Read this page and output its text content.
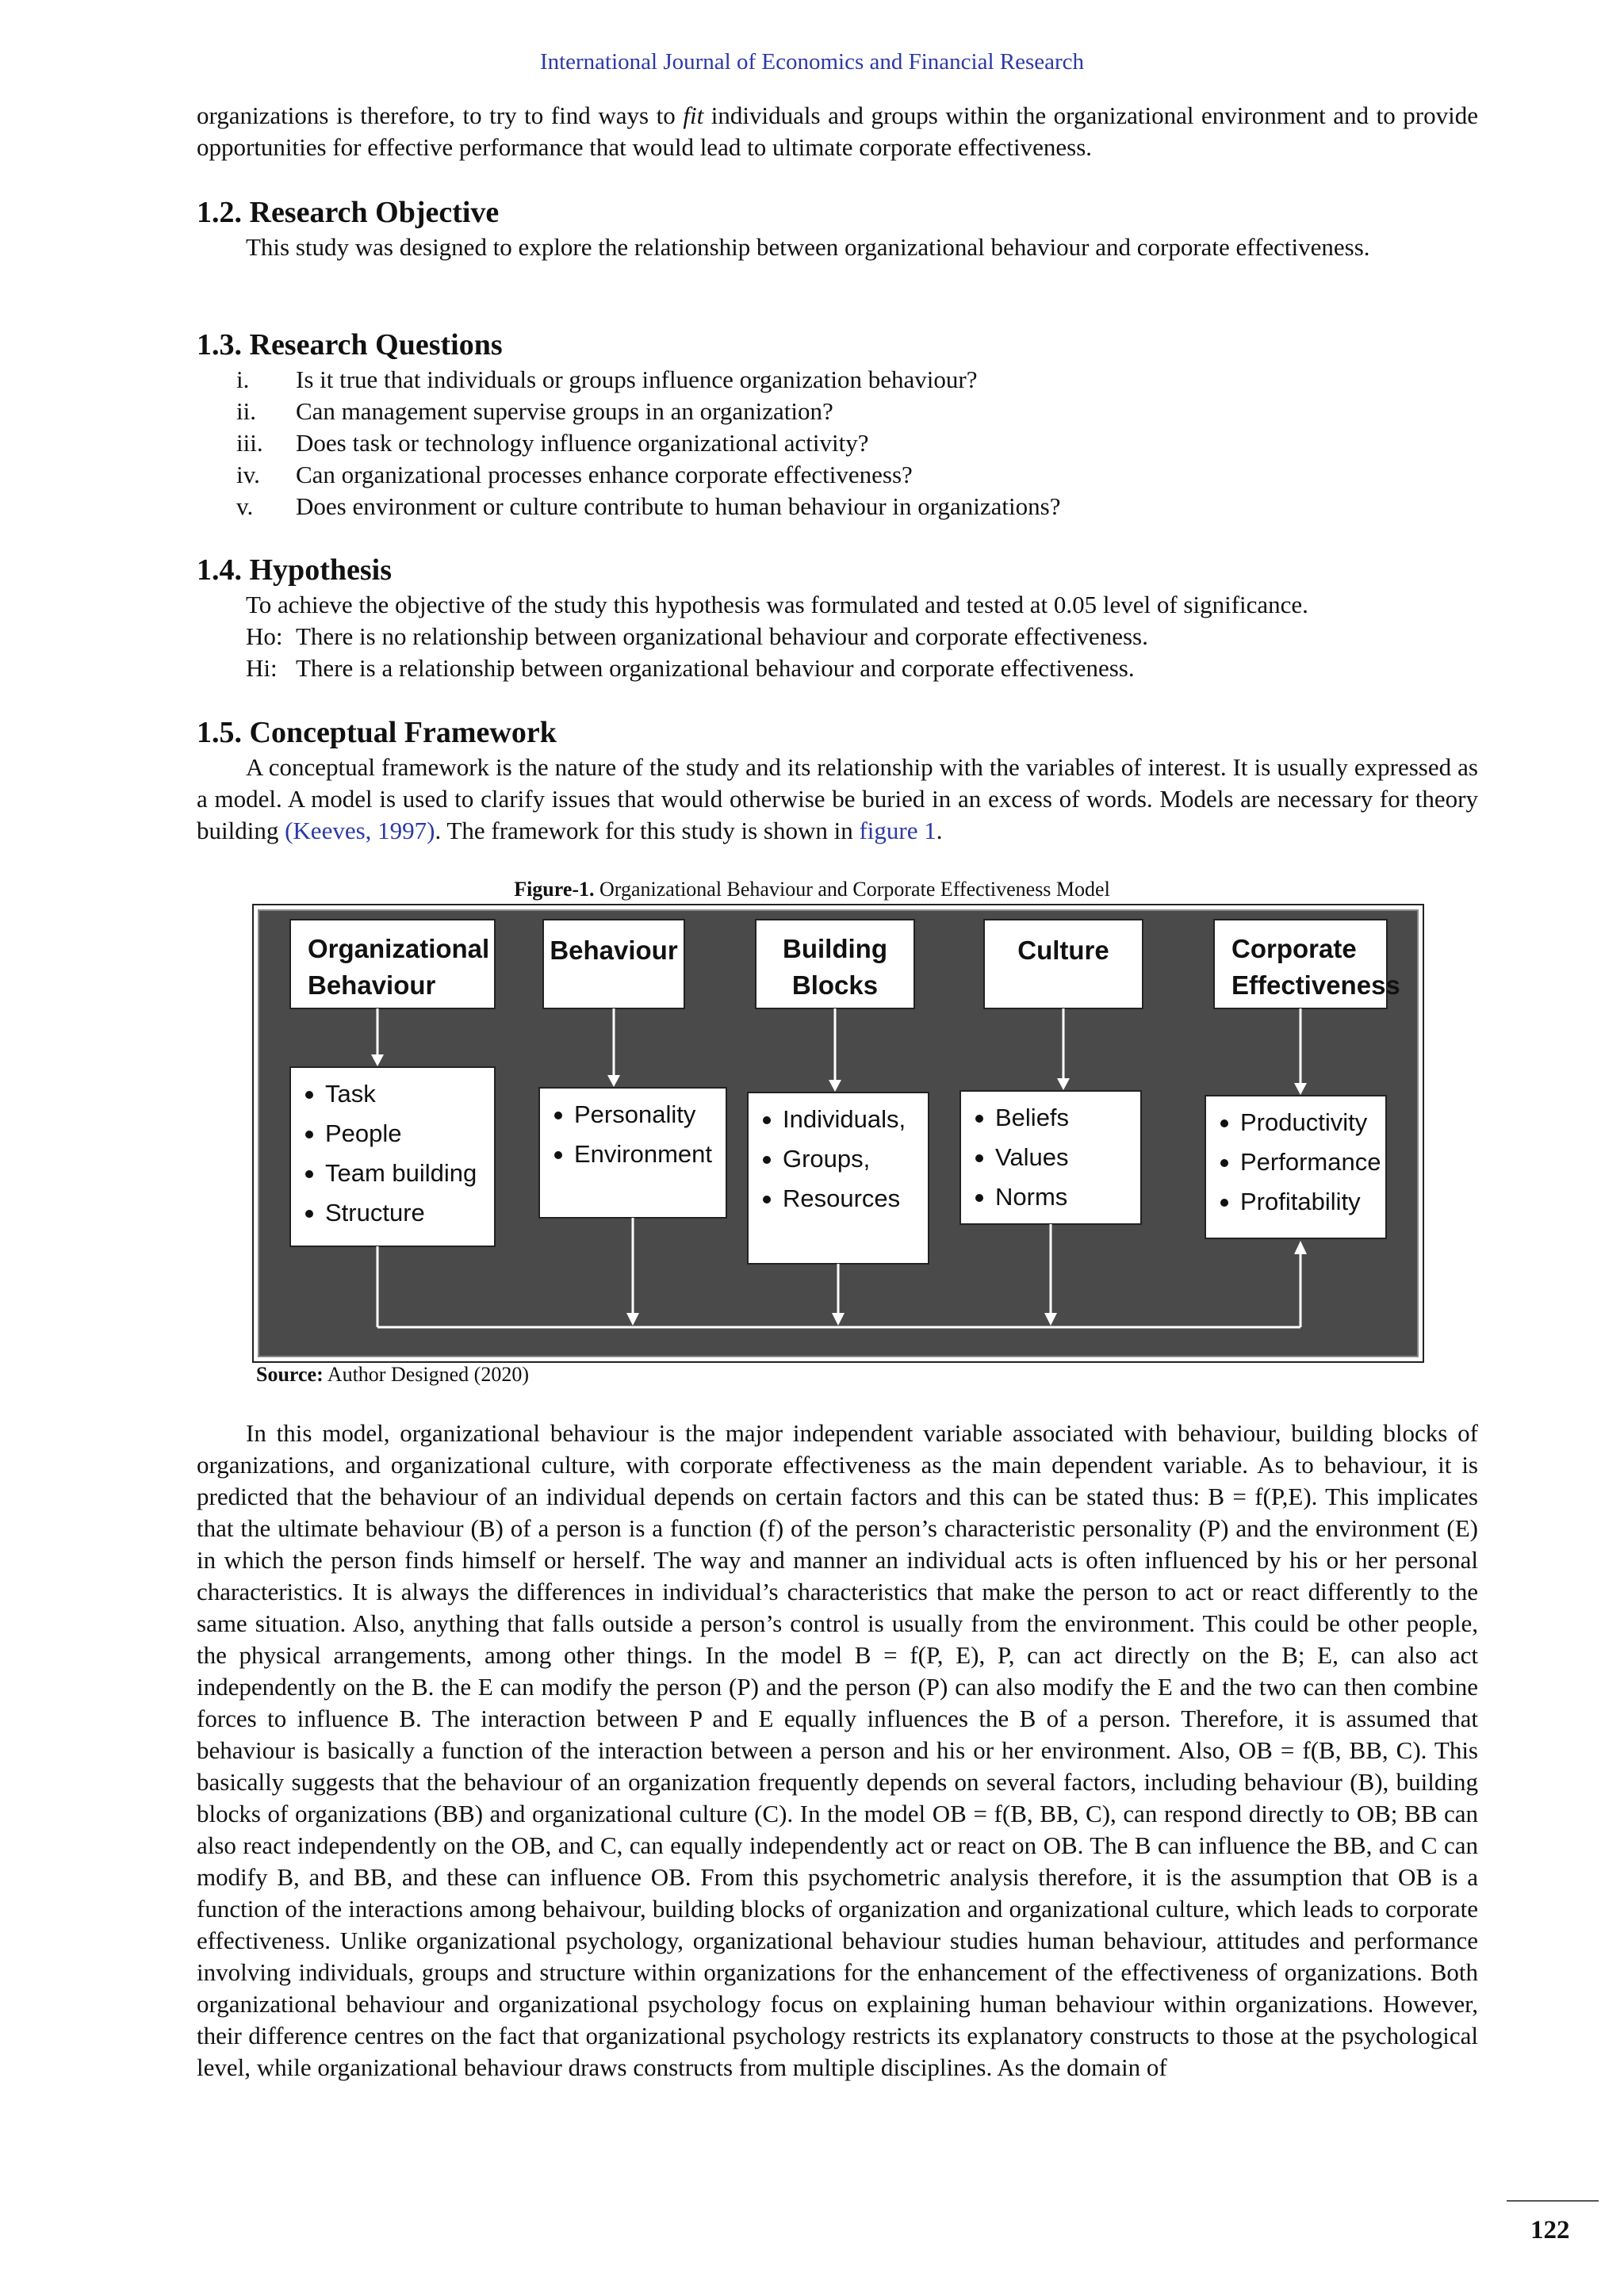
International Journal of Economics and Financial Research

organizations is therefore, to try to find ways to fit individuals and groups within the organizational environment and to provide opportunities for effective performance that would lead to ultimate corporate effectiveness.

1.2. Research Objective

This study was designed to explore the relationship between organizational behaviour and corporate effectiveness.

1.3. Research Questions
i.	Is it true that individuals or groups influence organization behaviour?
ii.	Can management supervise groups in an organization?
iii.	Does task or technology influence organizational activity?
iv.	Can organizational processes enhance corporate effectiveness?
v.	Does environment or culture contribute to human behaviour in organizations?
1.4. Hypothesis
To achieve the objective of the study this hypothesis was formulated and tested at 0.05 level of significance.
Ho: There is no relationship between organizational behaviour and corporate effectiveness.
Hi: There is a relationship between organizational behaviour and corporate effectiveness.
1.5. Conceptual Framework

A conceptual framework is the nature of the study and its relationship with the variables of interest. It is usually expressed as a model. A model is used to clarify issues that would otherwise be buried in an excess of words. Models are necessary for theory building (Keeves, 1997). The framework for this study is shown in figure 1.

Figure-1. Organizational Behaviour and Corporate Effectiveness Model
Organizational
Behaviour
Task
People
Team building
Structure
Behaviour
Personality
Environment
Building
Blocks
Individuals,
Groups,
Resources
Culture
Beliefs
Values
Norms
Corporate
Effectiveness
Productivity
Performance
Profitability
Source: Author Designed (2020)

In this model, organizational behaviour is the major independent variable associated with behaviour, building blocks of organizations, and organizational culture, with corporate effectiveness as the main dependent variable. As to behaviour, it is predicted that the behaviour of an individual depends on certain factors and this can be stated thus: B = f(P,E). This implicates that the ultimate behaviour (B) of a person is a function (f) of the person’s characteristic personality (P) and the environment (E) in which the person finds himself or herself. The way and manner an individual acts is often influenced by his or her personal characteristics. It is always the differences in individual’s characteristics that make the person to act or react differently to the same situation. Also, anything that falls outside a person’s control is usually from the environment. This could be other people, the physical arrangements, among other things. In the model B = f(P, E), P, can act directly on the B; E, can also act independently on the B. the E can modify the person (P) and the person (P) can also modify the E and the two can then combine forces to influence B. The interaction between P and E equally influences the B of a person. Therefore, it is assumed that behaviour is basically a function of the interaction between a person and his or her environment. Also, OB = f(B, BB, C). This basically suggests that the behaviour of an organization frequently depends on several factors, including behaviour (B), building blocks of organizations (BB) and organizational culture (C). In the model OB = f(B, BB, C), can respond directly to OB; BB can also react independently on the OB, and C, can equally independently act or react on OB. The B can influence the BB, and C can modify B, and BB, and these can influence OB. From this psychometric analysis therefore, it is the assumption that OB is a function of the interactions among behaivour, building blocks of organization and organizational culture, which leads to corporate effectiveness. Unlike organizational psychology, organizational behaviour studies human behaviour, attitudes and performance involving individuals, groups and structure within organizations for the enhancement of the effectiveness of organizations. Both organizational behaviour and organizational psychology focus on explaining human behaviour within organizations. However, their difference centres on the fact that organizational psychology restricts its explanatory constructs to those at the psychological level, while organizational behaviour draws constructs from multiple disciplines. As the domain of

122
